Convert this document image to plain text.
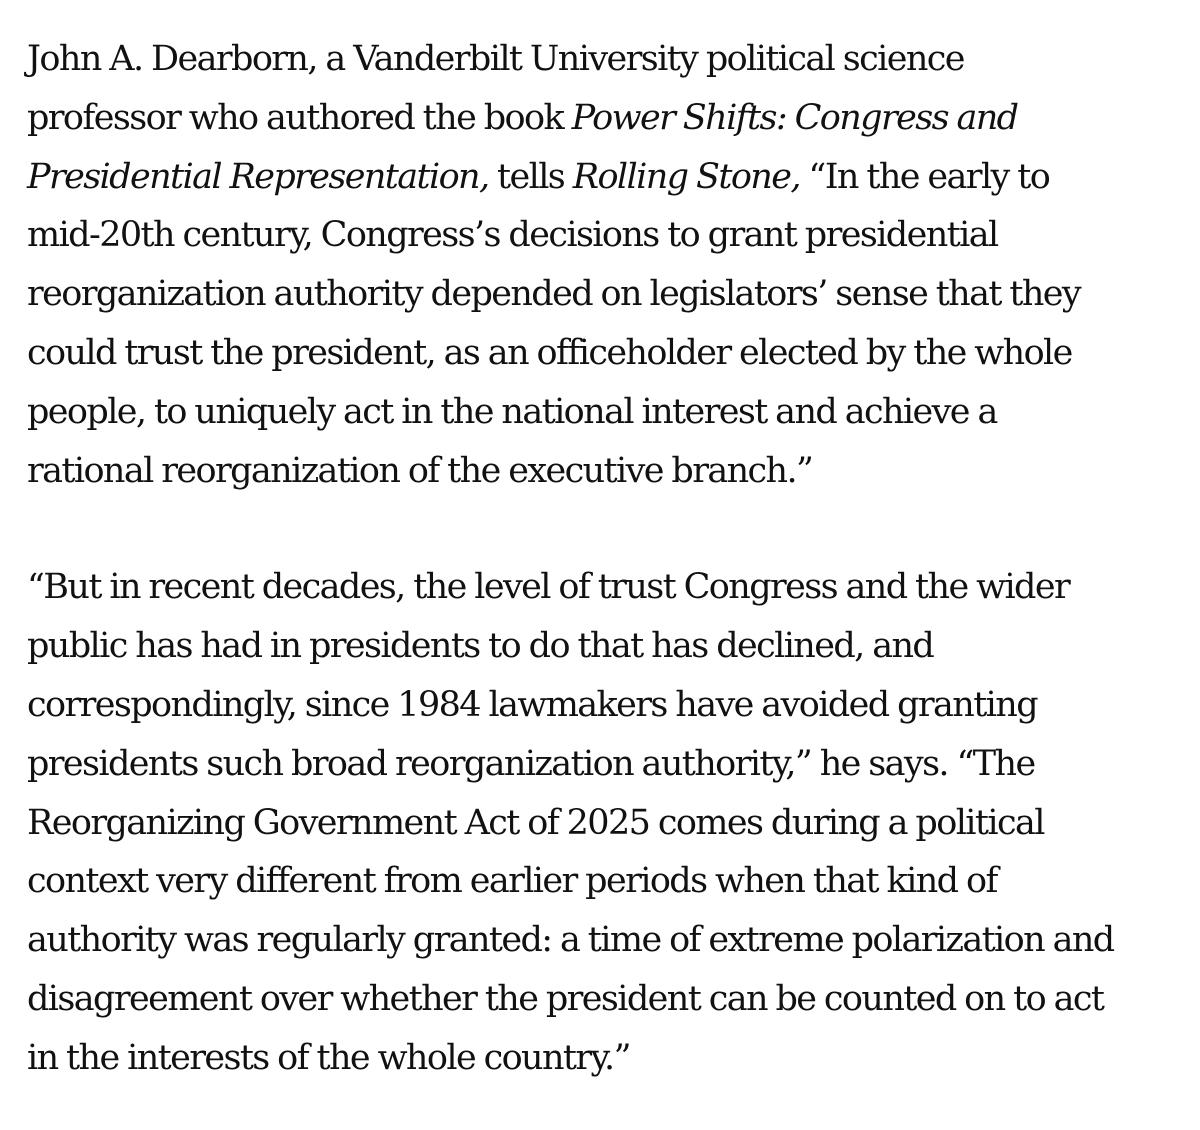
John A. Dearborn, a Vanderbilt University political science
professor who authored the book Power Shifts: Congress and
Presidential Representation, tells Rolling Stone, “In the early to
mid-20th century, Congress’s decisions to grant presidential
reorganization authority depended on legislators’ sense that they
could trust the president, as an officeholder elected by the whole
people, to uniquely act in the national interest and achieve a
rational reorganization of the executive branch.”

“But in recent decades, the level of trust Congress and the wider
public has had in presidents to do that has declined, and
correspondingly, since 1984 lawmakers have avoided granting
presidents such broad reorganization authority,” he says. “The
Reorganizing Government Act of 2025 comes during a political
context very different from earlier periods when that kind of
authority was regularly granted: a time of extreme polarization and
disagreement over whether the president can be counted on to act
in the interests of the whole country.”
